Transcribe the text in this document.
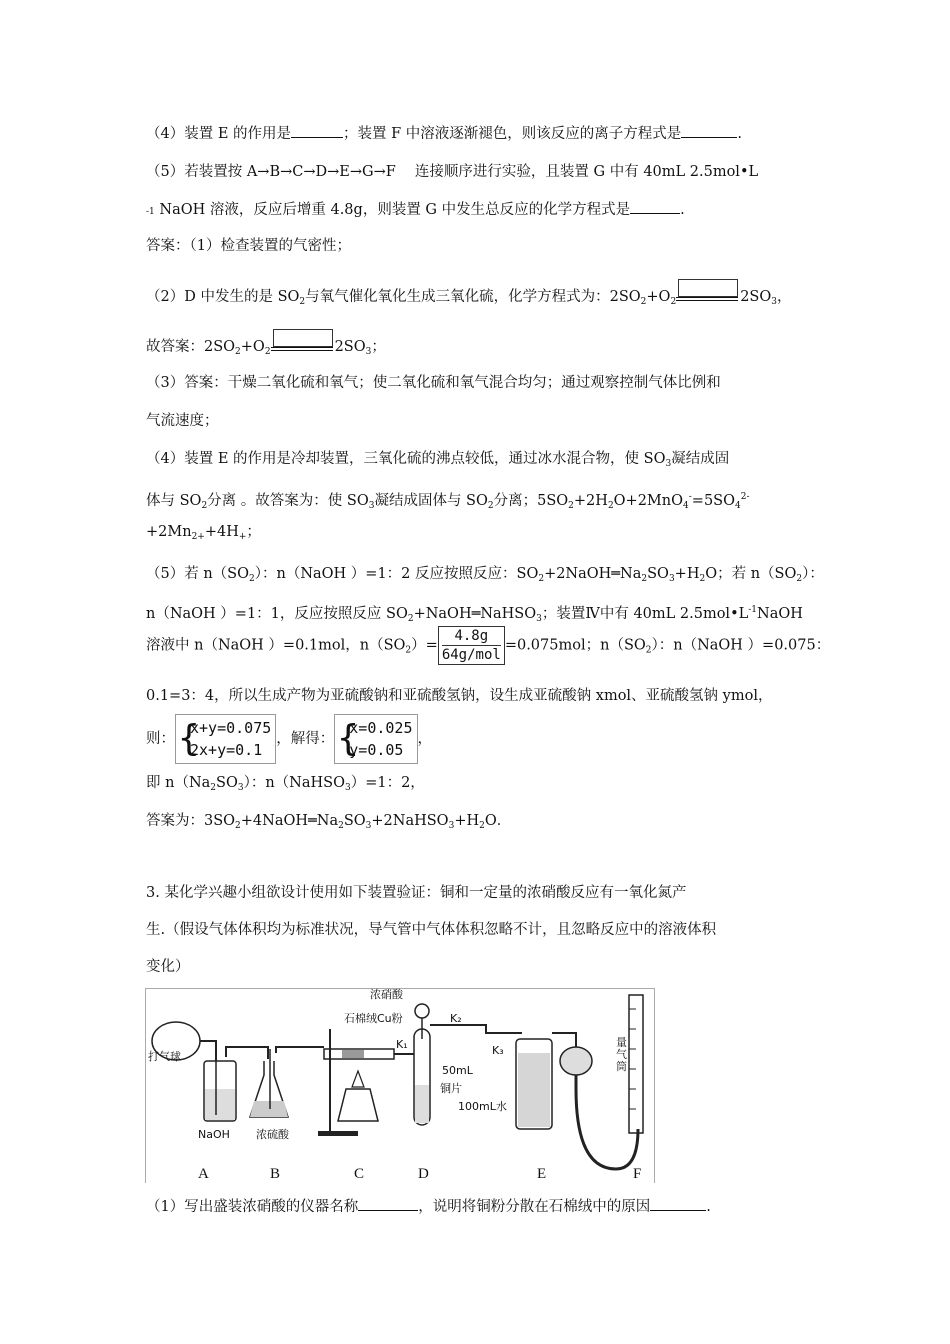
（4）装置 E 的作用是	；装置 F 中溶液逐渐褪色，则该反应的离子方程式是	.
（5）若装置按 A→B→C→D→E→G→F　 连接顺序进行实验，且装置 G 中有 40mL 2.5mol•L
-1 NaOH 溶液，反应后增重 4.8g，则装置 G 中发生总反应的化学方程式是	.
答案：（1）检查装置的气密性；
（2）D 中发生的是 $SO_2$与氧气催化氧化生成三氧化硫，化学方程式为：$2SO_2+O_2$	$2SO_3$，
故答案：$2SO_2+O_2$	$2SO_3$；
（3）答案：干燥二氧化硫和氧气；使二氧化硫和氧气混合均匀；通过观察控制气体比例和
气流速度；
（4）装置 E 的作用是冷却装置，三氧化硫的沸点较低，通过冰水混合物，使 $SO_3$凝结成固
体与 $SO_2$分离 。故答案为：使 $SO_3$凝结成固体与 $SO_2$分离；$5SO_2+2H_2O+2MnO_4^-=5SO_4^{2-}$
$+2Mn_{2+}+4H_+$；
（5）若 $n(SO_2)$：n（NaOH ）=1：2 反应按照反应：$SO_2+2NaOH═Na_2SO_3+H_2O$；若 $n(SO_2)$：
n（NaOH ）=1：1，反应按照反应 $SO_2+NaOH═NaHSO_3$；装置Ⅳ中有 40mL $2.5mol•L^{-1}NaOH$
溶液中 n（NaOH ）=0.1mol，$n(SO_2)= \frac{4.8g}{\text{64g/mol}} =0.075mol$；$n(SO_2)$：n（NaOH ）=0.075：
0.1=3：4，所以生成产物为亚硫酸钠和亚硫酸氢钠，设生成亚硫酸钠 xmol、亚硫酸氢钠 ymol，
则： {
x+y=0.075
2x+y=0.1
，解得： {
x=0.025
y=0.05
，
即 $n(Na_2SO_3)$：n（NaHSO$_3$）=1：2，
答案为：$3SO_2+4NaOH═Na_2SO_3+2NaHSO_3+H_2O$．
3. 某化学兴趣小组欲设计使用如下装置验证：铜和一定量的浓硝酸反应有一氧化氮产
生.（假设气体体积均为标准状况，导气管中气体体积忽略不计，且忽略反应中的溶液体积
变化）
打气球
浓硝酸
石棉绒Cu粉
K₁
K₂
K₃
50mL
铜片
100mL水
NaOH 浓硫酸
量气筒
A	B	C	D	E	F
（1）写出盛装浓硝酸的仪器名称	，说明将铜粉分散在石棉绒中的原因	.
